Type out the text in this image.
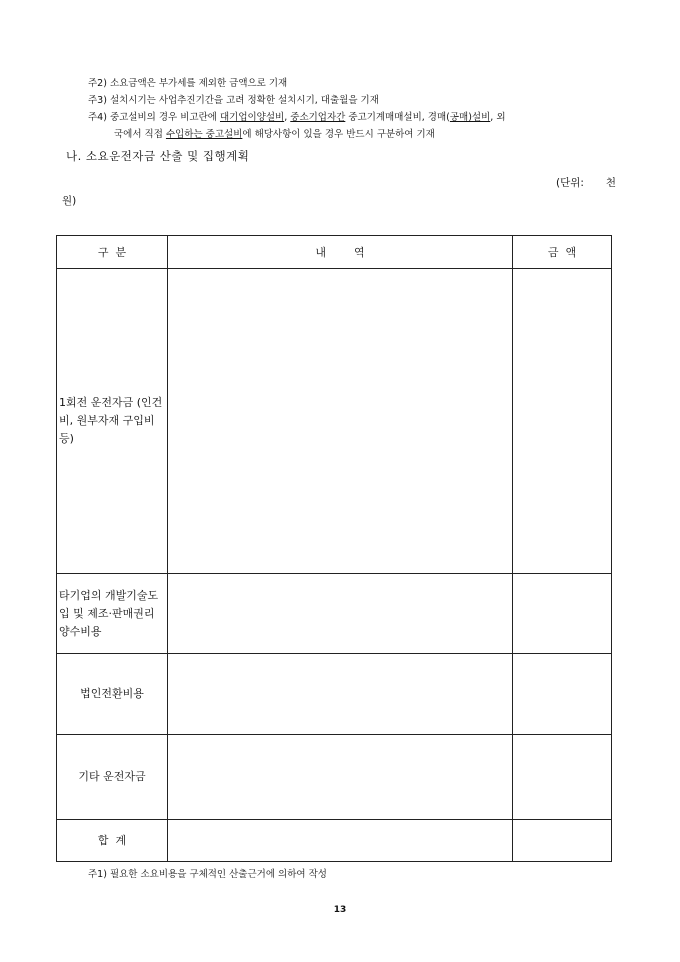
주2) 소요금액은 부가세를 제외한 금액으로 기재
주3) 설치시기는 사업추진기간을 고려 정확한 설치시기, 대출월을 기재
주4) 중고설비의 경우 비고란에 대기업이양설비, 중소기업자간 중고기계매매설비, 경매(공매)설비, 외
국에서 직접 수입하는 중고설비에 해당사항이 있을 경우 반드시 구분하여 기재
나. 소요운전자금 산출 및 집행계획
(단위: 천
원)
구  분	내        역	금  액
1회전 운전자금 (인건비, 원부자재 구입비 등)		
타기업의 개발기술도입 및 제조·판매권리 양수비용		
법인전환비용		
기타 운전자금		
합  계		
주1) 필요한 소요비용을 구체적인 산출근거에 의하여 작성
13
